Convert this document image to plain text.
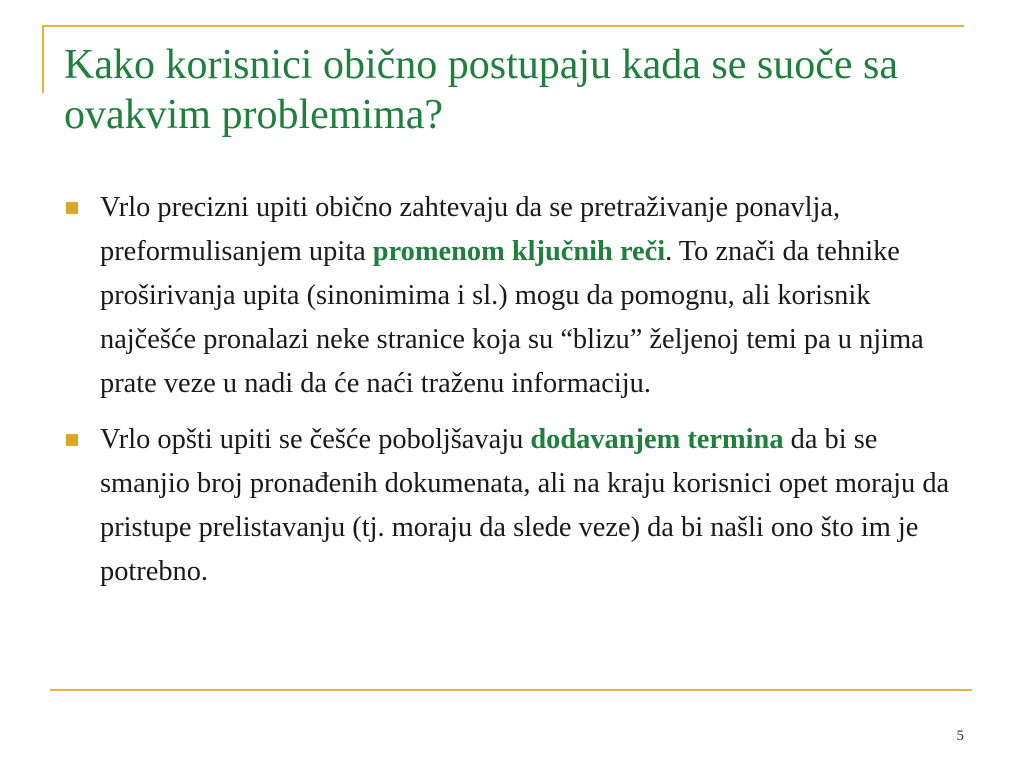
Kako korisnici obično postupaju kada se suoče sa ovakvim problemima?
Vrlo precizni upiti obično zahtevaju da se pretraživanje ponavlja, preformulisanjem upita promenom ključnih reči. To znači da tehnike proširivanja upita (sinonimima i sl.) mogu da pomognu, ali korisnik najčešće pronalazi neke stranice koja su “blizu” željenoj temi pa u njima prate veze u nadi da će naći traženu informaciju.
Vrlo opšti upiti se češće poboljšavaju dodavanjem termina da bi se smanjio broj pronađenih dokumenata, ali na kraju korisnici opet moraju da pristupe prelistavanju (tj. moraju da slede veze) da bi našli ono što im je potrebno.
5
